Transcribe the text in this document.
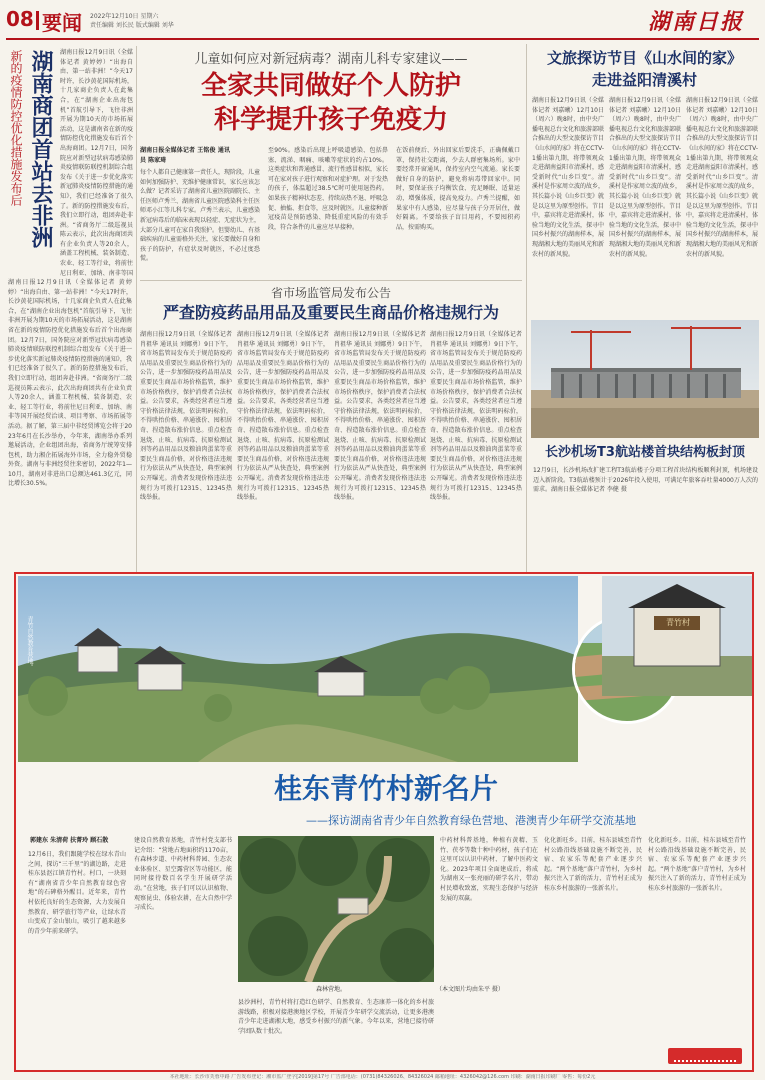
08 要闻 2022年12月10日 星期六
责任编辑 刘长民 版式编辑 刘华	湖南日报
新的疫情防控优化措施发布后 湖南商团首站去非洲 湖南日报12月9日讯（全媒体记者 黄婷婷）“出海自由、第一站非洲！”今天17时许，长沙黄花国际机场，十几家商企负责人在此集合，在“湖南企业出海包机”首航引导下，飞往非洲开展为期10天的市场拓展活动，这是湖南省在新的疫情防控优化措施发布后首个出海商团。12月7日，国务院应对新型冠状病毒感染肺炎疫情联防联控机制综合组发布《关于进一步优化落实新冠肺炎疫情防控措施的通知》，我们已经准备了很久了。新的防控措施发布后，我们立即行动，组团奔赴非洲。“省商务厅二级巡视员陈云表示，此次出海商团共有企业负责人等20余人，涵盖工程机械、装备制造、农业、轻工等行业，将前往尼日利亚、加纳、南非等国
湖南日报12月9日讯（全媒体记者 黄婷婷）“出海自由、第一站非洲！”今天17时许，长沙黄花国际机场，十几家商企负责人在此集合，在“湖南企业出海包机”首航引导下，飞往非洲开展为期10天的市场拓展活动，这是湖南省在新的疫情防控优化措施发布后首个出海商团。12月7日，国务院应对新型冠状病毒感染肺炎疫情联防联控机制综合组发布《关于进一步优化落实新冠肺炎疫情防控措施的通知》，我们已经准备了很久了。新的防控措施发布后，我们立即行动，组团奔赴非洲。“省商务厅二级巡视员陈云表示，此次出海商团共有企业负责人等20余人，涵盖工程机械、装备制造、农业、轻工等行业，将前往尼日利亚、加纳、南非等国开展经贸洽谈、项目考察、市场拓展等活动。据了解，第三届中非经贸博览会将于2023年6月在长沙举办，今年来，湖南举办系列邀展活动，企业组团出海，省商务厅统筹安排包机，助力湘企拓展海外市场，全力稳外贸稳外资。湖南与非洲经贸往来密切，2022年1—10月，湖南对非进出口总额达461.3亿元，同比增长30.5%。
儿童如何应对新冠病毒？湖南儿科专家建议——
全家共同做好个人防护
科学提升孩子免疫力
湖南日报全媒体记者 王铭俊 通讯员 陈家琦
每个人都自己健康第一责任人，现阶段，儿童如何加强防护、充维护健康常识，家长应该怎么做？记者采访了湖南省儿童医院副院长、主任医师卢秀兰、湖南省儿童医院感染科主任医师邓小江等儿科专家。卢秀兰表示，儿童感染新冠病毒后的临床表现以轻症、无症状为主，大部分儿童可在家自我照护。但婴幼儿、有基础疾病的儿童需格外关注，家长要做好自身和孩子的防护，有症状及时就医，不必过度恐慌。
至90%。感染后出现上呼吸道感染、包括鼻塞、流涕、咽痛、咳嗽等症状的约占10%。这类症状和普通感冒、流行性感冒相似，家长可在家对孩子进行观察和对症护理。对于发热的孩子，体温超过38.5℃时可使用退热药。如果孩子精神状态差、持续高热不退、呼吸急促、抽搐、拒食等，应及时就医。儿童接种新冠疫苗是预防感染、降低重症风险的有效手段，符合条件的儿童应尽早接种。
在饭前便后、外出回家后要洗手，正确佩戴口罩，保持社交距离，少去人群密集场所。家中要经常开窗通风，保持室内空气流通。家长要做好自身的防护，避免将病毒带回家中。同时，要保证孩子均衡饮食、充足睡眠、适量运动，增强体质，提高免疫力。卢秀兰提醒，如果家中有人感染，应尽量与孩子分开居住，做好隔离。不要给孩子盲目用药，不要囤积药品，按需购买。
省市场监管局发布公告
严查防疫药品用品及重要民生商品价格违规行为
湖南日报12月9日讯（全媒体记者 肖祖华 通讯员 刘娜勇）9日下午，省市场监管局发布关于规范防疫药品用品及重要民生商品价格行为的公告，进一步加强防疫药品用品及重要民生商品市场价格监管，维护市场价格秩序，保护消费者合法权益。公告要求，各类经营者应当遵守价格法律法规，依法明码标价，不得哄抬价格、串通涨价、囤积居奇、捏造散布涨价信息。重点检查退烧、止咳、抗病毒、抗原检测试剂等药品用品以及粮油肉蛋菜等重要民生商品价格，对价格违法违规行为依法从严从快查处，典型案例公开曝光。消费者发现价格违法违规行为可拨打12315、12345热线举报。
湖南日报12月9日讯（全媒体记者 肖祖华 通讯员 刘娜勇）9日下午，省市场监管局发布关于规范防疫药品用品及重要民生商品价格行为的公告，进一步加强防疫药品用品及重要民生商品市场价格监管，维护市场价格秩序，保护消费者合法权益。公告要求，各类经营者应当遵守价格法律法规，依法明码标价，不得哄抬价格、串通涨价、囤积居奇、捏造散布涨价信息。重点检查退烧、止咳、抗病毒、抗原检测试剂等药品用品以及粮油肉蛋菜等重要民生商品价格，对价格违法违规行为依法从严从快查处，典型案例公开曝光。消费者发现价格违法违规行为可拨打12315、12345热线举报。
湖南日报12月9日讯（全媒体记者 肖祖华 通讯员 刘娜勇）9日下午，省市场监管局发布关于规范防疫药品用品及重要民生商品价格行为的公告，进一步加强防疫药品用品及重要民生商品市场价格监管，维护市场价格秩序，保护消费者合法权益。公告要求，各类经营者应当遵守价格法律法规，依法明码标价，不得哄抬价格、串通涨价、囤积居奇、捏造散布涨价信息。重点检查退烧、止咳、抗病毒、抗原检测试剂等药品用品以及粮油肉蛋菜等重要民生商品价格，对价格违法违规行为依法从严从快查处，典型案例公开曝光。消费者发现价格违法违规行为可拨打12315、12345热线举报。
湖南日报12月9日讯（全媒体记者 肖祖华 通讯员 刘娜勇）9日下午，省市场监管局发布关于规范防疫药品用品及重要民生商品价格行为的公告，进一步加强防疫药品用品及重要民生商品市场价格监管，维护市场价格秩序，保护消费者合法权益。公告要求，各类经营者应当遵守价格法律法规，依法明码标价，不得哄抬价格、串通涨价、囤积居奇、捏造散布涨价信息。重点检查退烧、止咳、抗病毒、抗原检测试剂等药品用品以及粮油肉蛋菜等重要民生商品价格，对价格违法违规行为依法从严从快查处，典型案例公开曝光。消费者发现价格违法违规行为可拨打12315、12345热线举报。
文旅探访节目《山水间的家》
走进益阳清溪村
湖南日报12月9日讯（全媒体记者 刘嘉曦）12月10日（周六）晚8时，由中央广播电视总台文化和旅游部联合推出的大型文旅探访节目《山水间的家》将在CCTV-1播出第九期，将带领观众走进湖南益阳市清溪村，感受新时代“山乡巨变”。清溪村是作家周立波的故乡，其长篇小说《山乡巨变》就是以这里为原型创作。节目中，嘉宾将走进清溪村，体验当地的文化生活，探寻中国乡村振兴的湖南样本，展现湖湘大地的美丽风光和新农村的新风貌。
湖南日报12月9日讯（全媒体记者 刘嘉曦）12月10日（周六）晚8时，由中央广播电视总台文化和旅游部联合推出的大型文旅探访节目《山水间的家》将在CCTV-1播出第九期，将带领观众走进湖南益阳市清溪村，感受新时代“山乡巨变”。清溪村是作家周立波的故乡，其长篇小说《山乡巨变》就是以这里为原型创作。节目中，嘉宾将走进清溪村，体验当地的文化生活，探寻中国乡村振兴的湖南样本，展现湖湘大地的美丽风光和新农村的新风貌。
湖南日报12月9日讯（全媒体记者 刘嘉曦）12月10日（周六）晚8时，由中央广播电视总台文化和旅游部联合推出的大型文旅探访节目《山水间的家》将在CCTV-1播出第九期，将带领观众走进湖南益阳市清溪村，感受新时代“山乡巨变”。清溪村是作家周立波的故乡，其长篇小说《山乡巨变》就是以这里为原型创作。节目中，嘉宾将走进清溪村，体验当地的文化生活，探寻中国乡村振兴的湖南样本，展现湖湘大地的美丽风光和新农村的新风貌。
长沙机场T3航站楼首块结构板封顶
12月9日，长沙机场改扩建工程T3航站楼子分项工程首块结构板顺利封顶，机场建设迈入新阶段。T3航站楼预计于2026年投入使用，可满足年旅客吞吐量4000万人次的需求。湖南日报全媒体记者 李健 摄
青竹自然教育营地。	青竹村
桂东青竹村新名片
——探访湖南省青少年自然教育绿色营地、港澳青少年研学交流基地
郭建东 朱清荷 扶菁玲 顾石散
12月6日，我们跟随学校在绿水青山之间，探访“三千里”的湖边路，走进桂东县沤江镇青竹村。村口，一块刻有“湖南省青少年自然教育绿色营地”的石碑格外醒目。近年来，青竹村依托良好的生态资源，大力发展自然教育、研学旅行等产业，让绿水青山变成了金山银山，吸引了越来越多的青少年前来研学。
建设自然教育基地，青竹村党支部书记介绍：“营地占地面积约1170亩，有森林步道、中药材科普园、生态农业体验区、星空露营区等功能区，能同时接待数百名学生开展研学活动。”在营地，孩子们可以认识植物、观察昆虫、体验农耕，在大自然中学习成长。
森林营地。	（本文图片均由朱平 摄）
县沙洲村，青竹村将打造红色研学、自然教育、生态康养一体化的乡村旅游线路，积极对接港澳地区学校，开展青少年研学交流活动，让更多港澳青少年走进湖湘大地，感受乡村振兴的新气象。今年以来，营地已接待研学团队数十批次。
中药材科普基地，种植有黄精、玉竹、茯苓等数十种中药材，孩子们在这里可以认识中药材、了解中医药文化。2023年项目全面建成后，将成为湖南又一张亮丽的研学名片，带动村民增收致富，实现生态保护与经济发展的双赢。
化化新旺乡。目前，桂东县城至青竹村公路沿线基础设施不断完善，民宿、农家乐等配套产业逐步兴起。“两个基地”落户青竹村，为乡村振兴注入了新的活力，青竹村正成为桂东乡村旅游的一张新名片。
化化新旺乡。目前，桂东县城至青竹村公路沿线基础设施不断完善，民宿、农家乐等配套产业逐步兴起。“两个基地”落户青竹村，为乡村振兴注入了新的活力，青竹村正成为桂东乡村旅游的一张新名片。
本社地址：长沙市芙蓉中路 广告发布登记：湘市监广登字[2019]第17号 广告部电话：(0731)84326026、84326024 邮箱地址：4326042@126.com 印刷：湖南日报印刷厂 零售：每份2元
